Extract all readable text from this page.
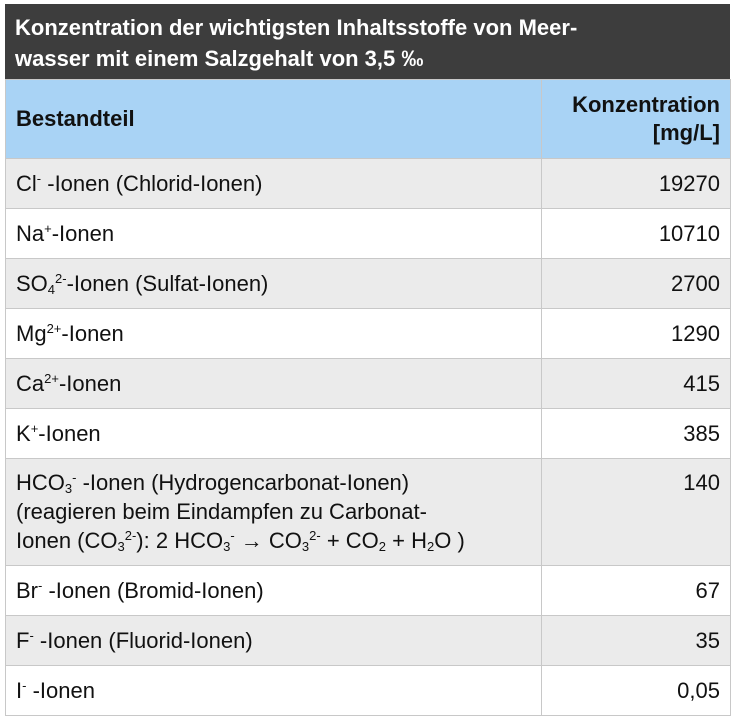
Konzentration der wichtigsten Inhaltsstoffe von Meer-
wasser mit einem Salzgehalt von 3,5 ‰
Bestandteil	Konzentration
[mg/L]
Cl- -Ionen (Chlorid-Ionen)	19270
Na+-Ionen	10710
$SO_4^{2-}$-Ionen (Sulfat-Ionen)	2700
$Mg^{2+}$-Ionen	1290
$Ca^{2+}$-Ionen	415
K+-Ionen	385

$HCO_3^-$ -Ionen (Hydrogencarbonat-Ionen)
(reagieren beim Eindampfen zu Carbonat-
Ionen $(CO_3^{2-})$: 2 $HCO_3^- \to CO_3^{2-} + CO_2 + H_2O$ )	140
Br- -Ionen (Bromid-Ionen)	67
F- -Ionen (Fluorid-Ionen)	35
I- -Ionen	0,05
